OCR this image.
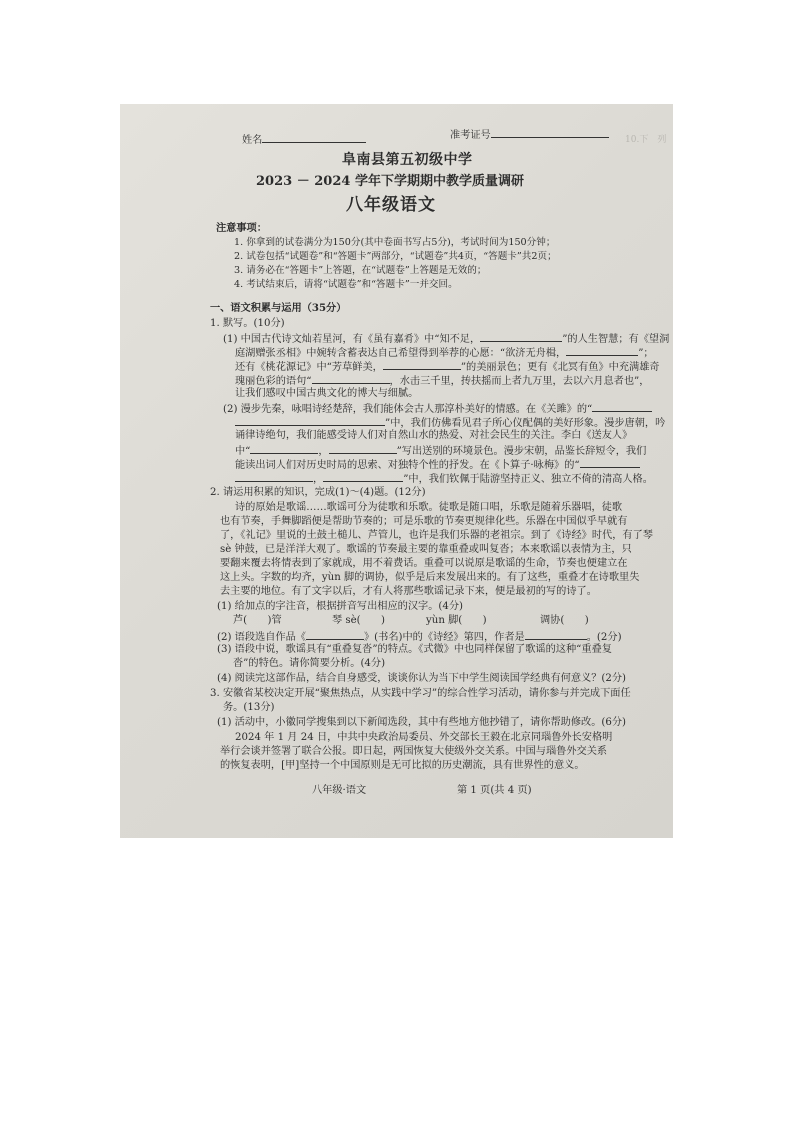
10.下　列

姓名	准考证号
阜南县第五初级中学
2023 － 2024 学年下学期期中教学质量调研
八年级语文
注意事项：
1. 你拿到的试卷满分为150分(其中卷面书写占5分)，考试时间为150分钟；
2. 试卷包括“试题卷”和“答题卡”两部分，“试题卷”共4页，“答题卡”共2页；
3. 请务必在“答题卡”上答题，在“试题卷”上答题是无效的；
4. 考试结束后，请将“试题卷”和“答题卡”一并交回。
一、语文积累与运用（35分）
1. 默写。(10分)
(1) 中国古代诗文灿若星河，有《虽有嘉肴》中“知不足，	”的人生智慧；有《望洞
庭湖赠张丞相》中婉转含蓄表达自己希望得到举荐的心愿：“欲济无舟楫，	”；
还有《桃花源记》中“芳草鲜美，	”的美丽景色；更有《北冥有鱼》中充满雄奇
瑰丽色彩的语句“	，水击三千里，抟扶摇而上者九万里，去以六月息者也”，
让我们感叹中国古典文化的博大与细腻。
(2) 漫步先秦，咏唱诗经楚辞，我们能体会古人那淳朴美好的情感。在《关雎》的“
”中，我们仿佛看见君子所心仪配偶的美好形象。漫步唐朝，吟
诵律诗绝句，我们能感受诗人们对自然山水的热爱、对社会民生的关注。李白《送友人》
中“	，	”写出送别的环境景色。漫步宋朝，品鉴长辞短令，我们
能读出词人们对历史时局的思索、对独特个性的抒发。在《卜算子·咏梅》的“
，	”中，我们钦佩于陆游坚持正义、独立不倚的清高人格。
2. 请运用积累的知识，完成(1)～(4)题。(12分)
诗的原始是歌谣……歌谣可分为徒歌和乐歌。徒歌是随口唱，乐歌是随着乐器唱，徒歌
也有节奏，手舞脚蹈便是帮助节奏的；可是乐歌的节奏更规律化些。乐器在中国似乎早就有
了，《礼记》里说的土鼓土槌儿、芦管儿，也许是我们乐器的老祖宗。到了《诗经》时代，有了琴
sè 钟鼓，已是洋洋大观了。歌谣的节奏最主要的靠重叠或叫复沓；本来歌谣以表情为主，只
要翻来覆去将情表到了家就成，用不着费话。重叠可以说原是歌谣的生命，节奏也便建立在
这上头。字数的均齐，yùn 脚的调协，似乎是后来发展出来的。有了这些，重叠才在诗歌里失
去主要的地位。有了文字以后，才有人将那些歌谣记录下来，便是最初的写的诗了。
(1) 给加点的字注音，根据拼音写出相应的汉字。(4分)
芦(　　)管	琴 sè(　　)	yùn 脚(　　)	调协(　　)
(2) 语段选自作品《	》(书名)中的《诗经》第四，作者是	。(2分)
(3) 语段中说，歌谣具有“重叠复沓”的特点。《式微》中也同样保留了歌谣的这种“重叠复
沓”的特色。请你简要分析。(4分)
(4) 阅读完这部作品，结合自身感受，谈谈你认为当下中学生阅读国学经典有何意义？(2分)
3. 安徽省某校决定开展“聚焦热点，从实践中学习”的综合性学习活动，请你参与并完成下面任
务。(13分)
(1) 活动中，小徽同学搜集到以下新闻选段，其中有些地方他抄错了，请你帮助修改。(6分)
2024 年 1 月 24 日，中共中央政治局委员、外交部长王毅在北京同瑙鲁外长安格明
举行会谈并签署了联合公报。即日起，两国恢复大使级外交关系。中国与瑙鲁外交关系
的恢复表明，[甲]坚持一个中国原则是无可比拟的历史潮流，具有世界性的意义。
八年级·语文	第 1 页(共 4 页)
